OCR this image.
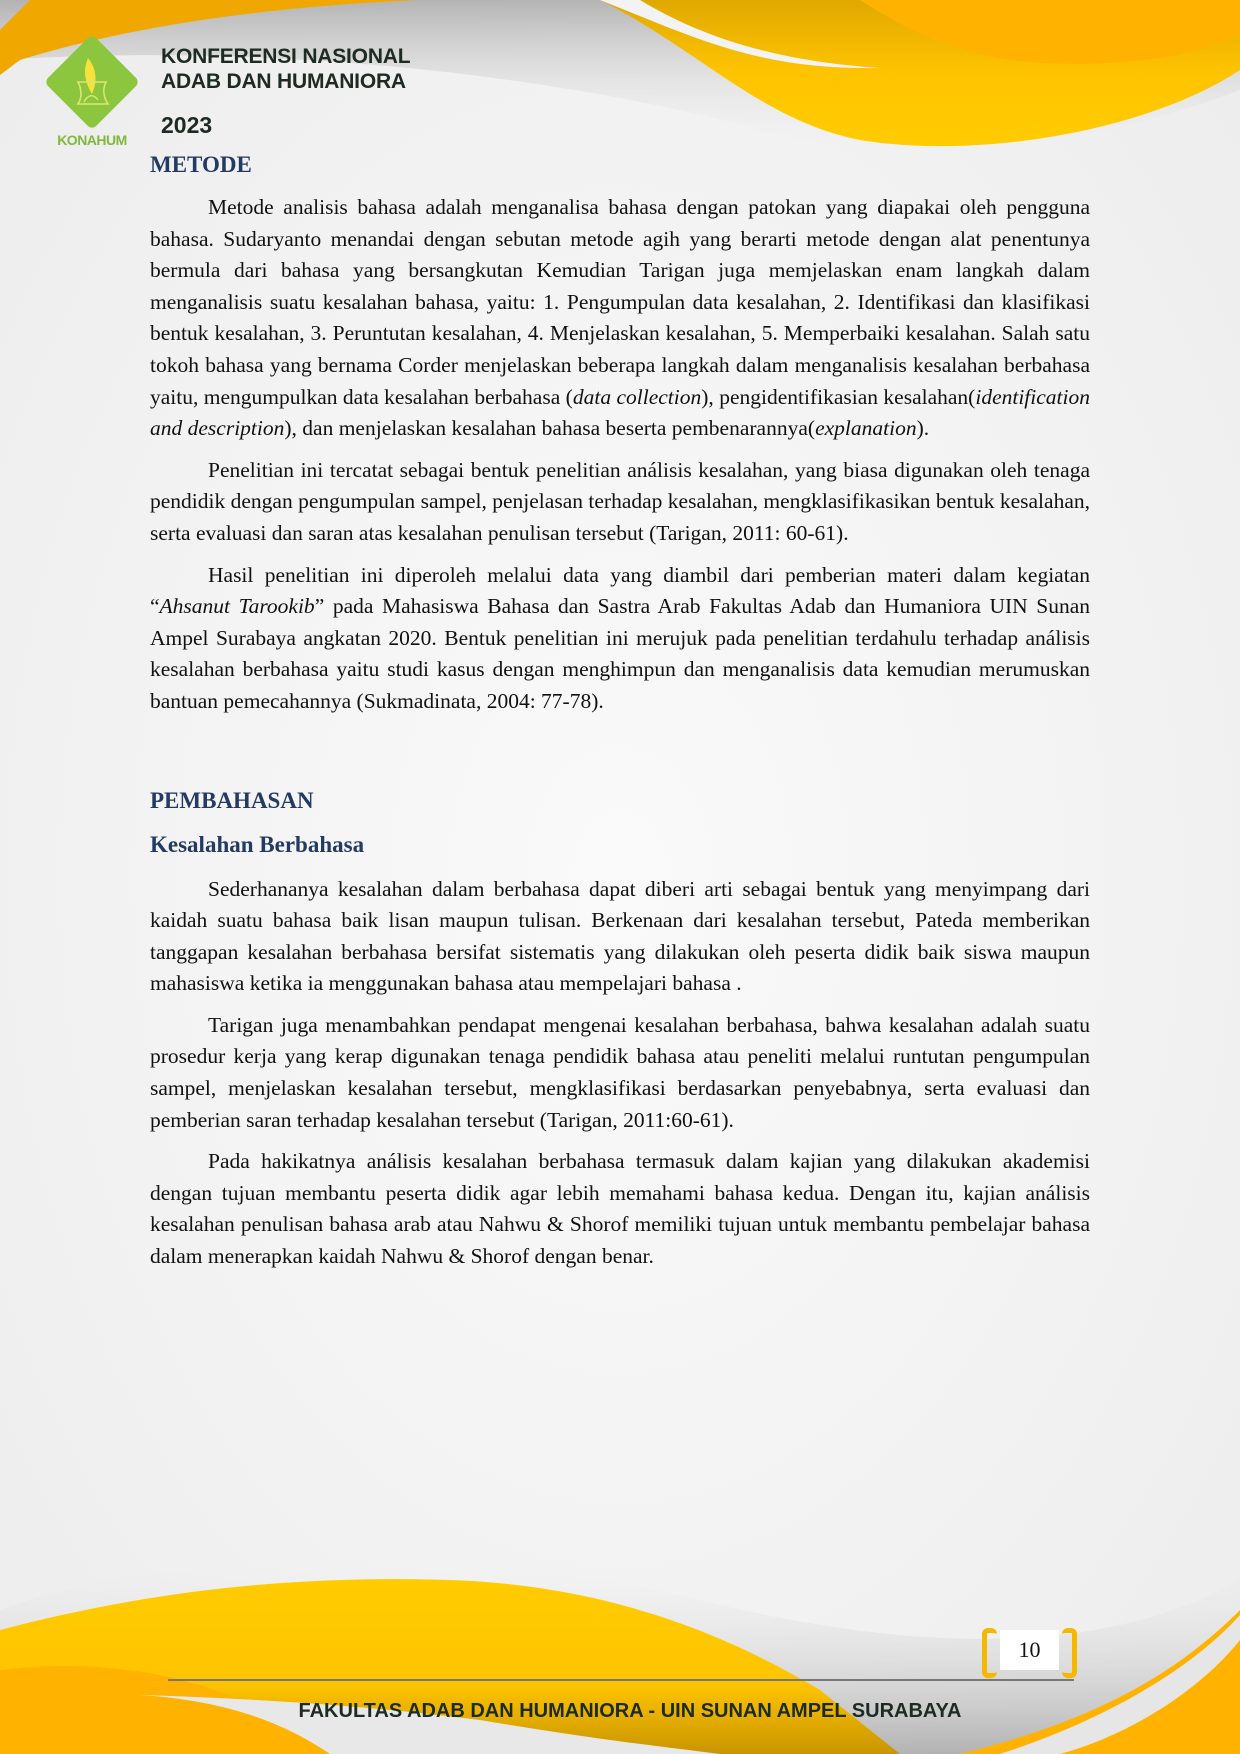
KONAHUM
KONFERENSI NASIONAL
ADAB DAN HUMANIORA
2023
METODE

Metode analisis bahasa adalah menganalisa bahasa dengan patokan yang diapakai oleh pengguna bahasa. Sudaryanto menandai dengan sebutan metode agih yang berarti metode dengan alat penentunya bermula dari bahasa yang bersangkutan Kemudian Tarigan juga memjelaskan enam langkah dalam menganalisis suatu kesalahan bahasa, yaitu: 1. Pengumpulan data kesalahan, 2. Identifikasi dan klasifikasi bentuk kesalahan, 3. Peruntutan kesalahan, 4. Menjelaskan kesalahan, 5. Memperbaiki kesalahan. Salah satu tokoh bahasa yang bernama Corder menjelaskan beberapa langkah dalam menganalisis kesalahan berbahasa yaitu, mengumpulkan data kesalahan berbahasa (data collection), pengidentifikasian kesalahan(identification and description), dan menjelaskan kesalahan bahasa beserta pembenarannya(explanation).

Penelitian ini tercatat sebagai bentuk penelitian análisis kesalahan, yang biasa digunakan oleh tenaga pendidik dengan pengumpulan sampel, penjelasan terhadap kesalahan, mengklasifikasikan bentuk kesalahan, serta evaluasi dan saran atas kesalahan penulisan tersebut (Tarigan, 2011: 60-61).

Hasil penelitian ini diperoleh melalui data yang diambil dari pemberian materi dalam kegiatan “Ahsanut Tarookib” pada Mahasiswa Bahasa dan Sastra Arab Fakultas Adab dan Humaniora UIN Sunan Ampel Surabaya angkatan 2020. Bentuk penelitian ini merujuk pada penelitian terdahulu terhadap análisis kesalahan berbahasa yaitu studi kasus dengan menghimpun dan menganalisis data kemudian merumuskan bantuan pemecahannya (Sukmadinata, 2004: 77-78).

PEMBAHASAN
Kesalahan Berbahasa

Sederhananya kesalahan dalam berbahasa dapat diberi arti sebagai bentuk yang menyimpang dari kaidah suatu bahasa baik lisan maupun tulisan. Berkenaan dari kesalahan tersebut, Pateda memberikan tanggapan kesalahan berbahasa bersifat sistematis yang dilakukan oleh peserta didik baik siswa maupun mahasiswa ketika ia menggunakan bahasa atau mempelajari bahasa .

Tarigan juga menambahkan pendapat mengenai kesalahan berbahasa, bahwa kesalahan adalah suatu prosedur kerja yang kerap digunakan tenaga pendidik bahasa atau peneliti melalui runtutan pengumpulan sampel, menjelaskan kesalahan tersebut, mengklasifikasi berdasarkan penyebabnya, serta evaluasi dan pemberian saran terhadap kesalahan tersebut (Tarigan, 2011:60-61).

Pada hakikatnya análisis kesalahan berbahasa termasuk dalam kajian yang dilakukan akademisi dengan tujuan membantu peserta didik agar lebih memahami bahasa kedua. Dengan itu, kajian análisis kesalahan penulisan bahasa arab atau Nahwu & Shorof memiliki tujuan untuk membantu pembelajar bahasa dalam menerapkan kaidah Nahwu & Shorof dengan benar.

10
FAKULTAS ADAB DAN HUMANIORA - UIN SUNAN AMPEL SURABAYA
